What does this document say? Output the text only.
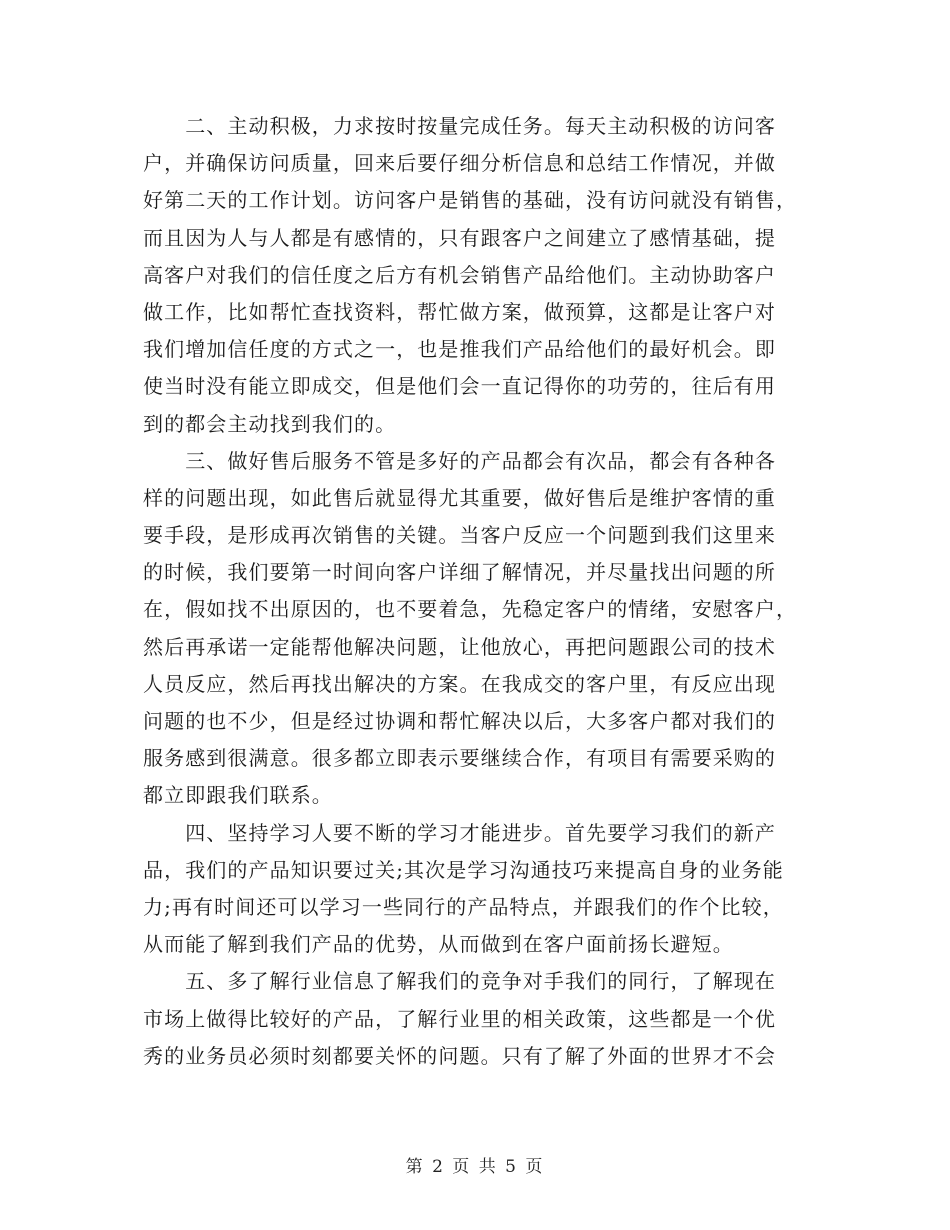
　　二、主动积极，力求按时按量完成任务。每天主动积极的访问客
户，并确保访问质量，回来后要仔细分析信息和总结工作情况，并做
好第二天的工作计划。访问客户是销售的基础，没有访问就没有销售，
而且因为人与人都是有感情的，只有跟客户之间建立了感情基础，提
高客户对我们的信任度之后方有机会销售产品给他们。主动协助客户
做工作，比如帮忙查找资料，帮忙做方案，做预算，这都是让客户对
我们增加信任度的方式之一，也是推我们产品给他们的最好机会。即
使当时没有能立即成交，但是他们会一直记得你的功劳的，往后有用
到的都会主动找到我们的。
　　三、做好售后服务不管是多好的产品都会有次品，都会有各种各
样的问题出现，如此售后就显得尤其重要，做好售后是维护客情的重
要手段，是形成再次销售的关键。当客户反应一个问题到我们这里来
的时候，我们要第一时间向客户详细了解情况，并尽量找出问题的所
在，假如找不出原因的，也不要着急，先稳定客户的情绪，安慰客户，
然后再承诺一定能帮他解决问题，让他放心，再把问题跟公司的技术
人员反应，然后再找出解决的方案。在我成交的客户里，有反应出现
问题的也不少，但是经过协调和帮忙解决以后，大多客户都对我们的
服务感到很满意。很多都立即表示要继续合作，有项目有需要采购的
都立即跟我们联系。
　　四、坚持学习人要不断的学习才能进步。首先要学习我们的新产
品，我们的产品知识要过关;其次是学习沟通技巧来提高自身的业务能
力;再有时间还可以学习一些同行的产品特点，并跟我们的作个比较，
从而能了解到我们产品的优势，从而做到在客户面前扬长避短。
　　五、多了解行业信息了解我们的竞争对手我们的同行，了解现在
市场上做得比较好的产品，了解行业里的相关政策，这些都是一个优
秀的业务员必须时刻都要关怀的问题。只有了解了外面的世界才不会
第 2 页 共 5 页
